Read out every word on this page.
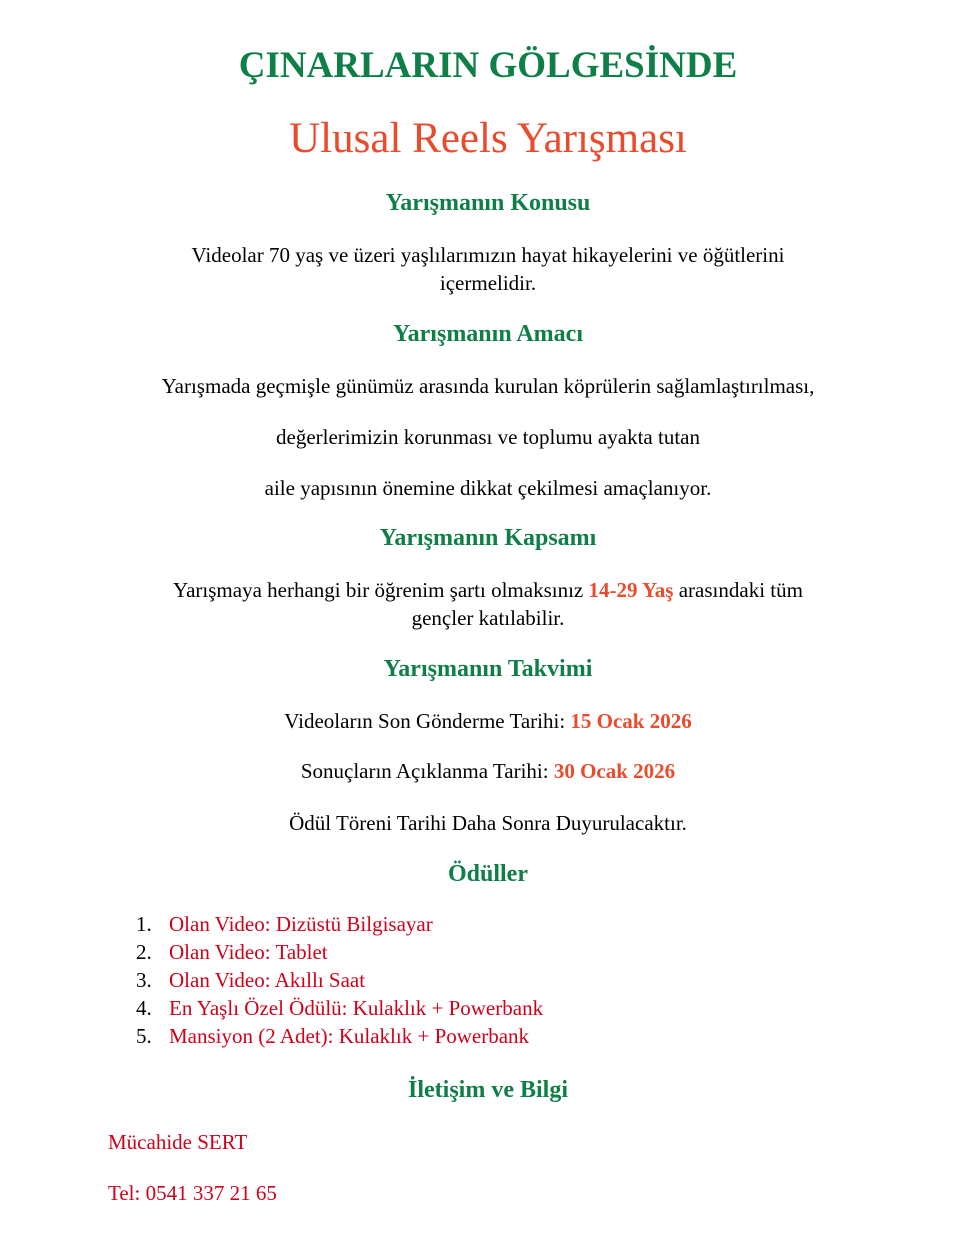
ÇINARLARIN GÖLGESİNDE
Ulusal Reels Yarışması
Yarışmanın Konusu
Videolar 70 yaş ve üzeri yaşlılarımızın hayat hikayelerini ve öğütlerini
içermelidir.
Yarışmanın Amacı
Yarışmada geçmişle günümüz arasında kurulan köprülerin sağlamlaştırılması,
değerlerimizin korunması ve toplumu ayakta tutan
aile yapısının önemine dikkat çekilmesi amaçlanıyor.
Yarışmanın Kapsamı
Yarışmaya herhangi bir öğrenim şartı olmaksınız 14-29 Yaş arasındaki tüm
gençler katılabilir.
Yarışmanın Takvimi
Videoların Son Gönderme Tarihi: 15 Ocak 2026
Sonuçların Açıklanma Tarihi: 30 Ocak 2026
Ödül Töreni Tarihi Daha Sonra Duyurulacaktır.
Ödüller
1. Olan Video: Dizüstü Bilgisayar
2. Olan Video: Tablet
3. Olan Video: Akıllı Saat
4. En Yaşlı Özel Ödülü: Kulaklık + Powerbank
5. Mansiyon (2 Adet): Kulaklık + Powerbank
İletişim ve Bilgi
Mücahide SERT
Tel: 0541 337 21 65
